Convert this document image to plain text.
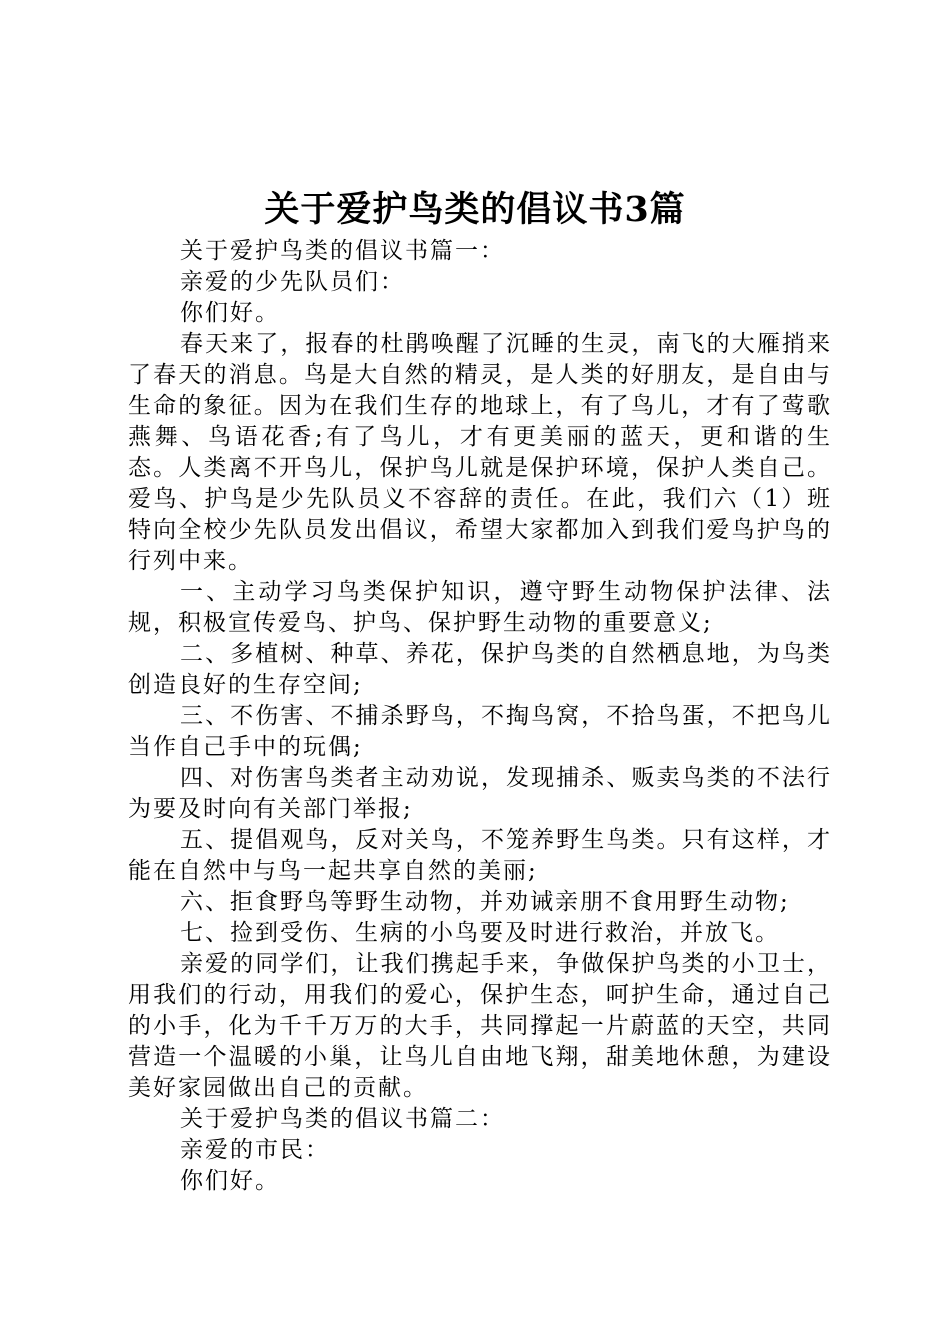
关于爱护鸟类的倡议书3篇

关于爱护鸟类的倡议书篇一：

亲爱的少先队员们：

你们好。

春天来了，报春的杜鹃唤醒了沉睡的生灵，南飞的大雁捎来了春天的消息。鸟是大自然的精灵，是人类的好朋友，是自由与生命的象征。因为在我们生存的地球上，有了鸟儿，才有了莺歌燕舞、鸟语花香;有了鸟儿，才有更美丽的蓝天，更和谐的生态。人类离不开鸟儿，保护鸟儿就是保护环境，保护人类自己。爱鸟、护鸟是少先队员义不容辞的责任。在此，我们六（1）班特向全校少先队员发出倡议，希望大家都加入到我们爱鸟护鸟的行列中来。

一、主动学习鸟类保护知识，遵守野生动物保护法律、法规，积极宣传爱鸟、护鸟、保护野生动物的重要意义;

二、多植树、种草、养花，保护鸟类的自然栖息地，为鸟类创造良好的生存空间;

三、不伤害、不捕杀野鸟，不掏鸟窝，不拾鸟蛋，不把鸟儿当作自己手中的玩偶;

四、对伤害鸟类者主动劝说，发现捕杀、贩卖鸟类的不法行为要及时向有关部门举报;

五、提倡观鸟，反对关鸟，不笼养野生鸟类。只有这样，才能在自然中与鸟一起共享自然的美丽;

六、拒食野鸟等野生动物，并劝诫亲朋不食用野生动物;

七、捡到受伤、生病的小鸟要及时进行救治，并放飞。

亲爱的同学们，让我们携起手来，争做保护鸟类的小卫士，用我们的行动，用我们的爱心，保护生态，呵护生命，通过自己的小手，化为千千万万的大手，共同撑起一片蔚蓝的天空，共同营造一个温暖的小巢，让鸟儿自由地飞翔，甜美地休憩，为建设美好家园做出自己的贡献。

关于爱护鸟类的倡议书篇二：

亲爱的市民：

你们好。
